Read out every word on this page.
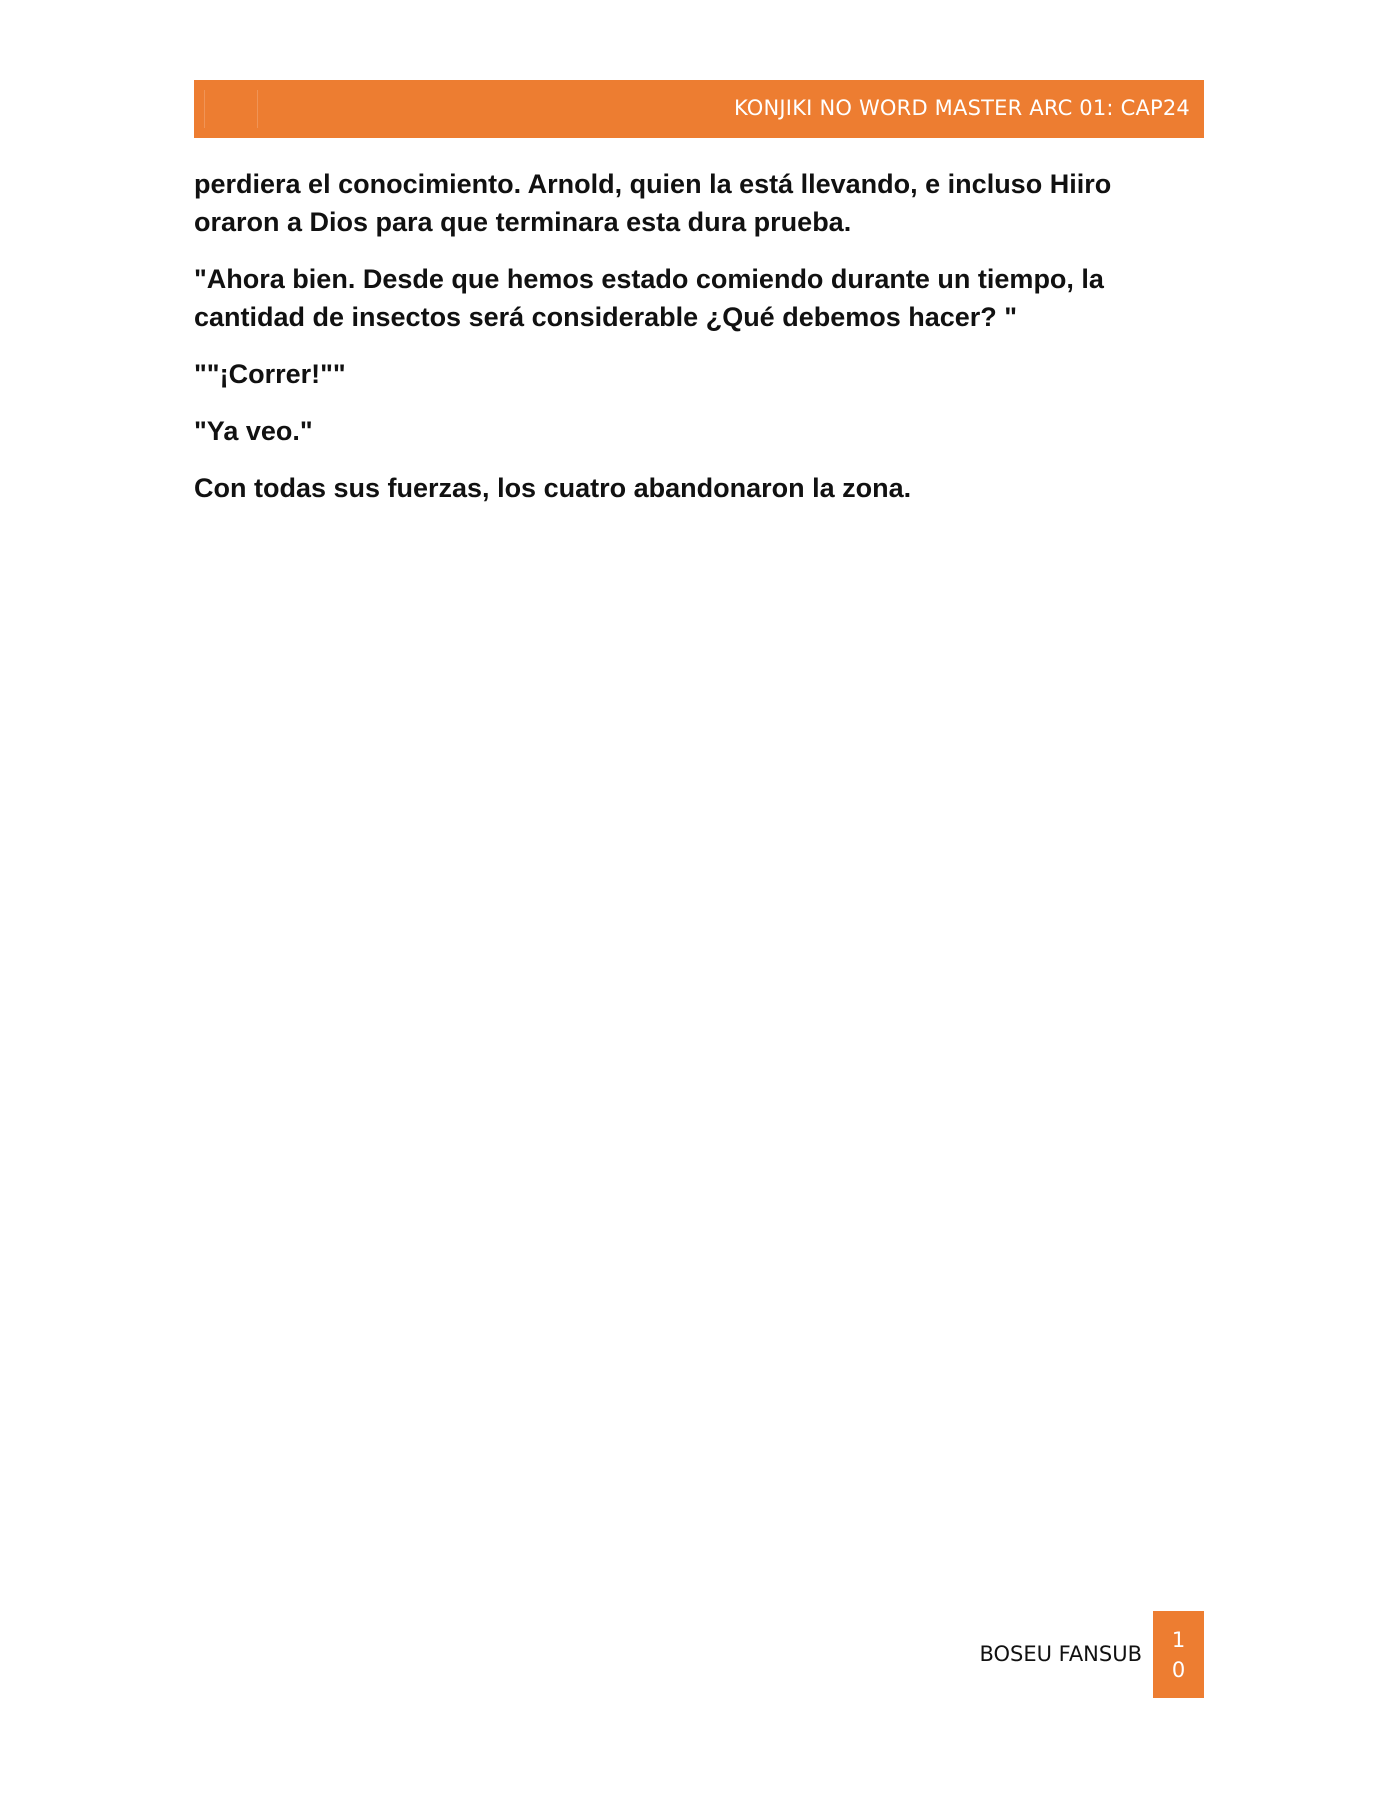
KONJIKI NO WORD MASTER ARC 01: CAP24

perdiera el conocimiento. Arnold, quien la está llevando, e incluso Hiiro oraron a Dios para que terminara esta dura prueba.

"Ahora bien. Desde que hemos estado comiendo durante un tiempo, la cantidad de insectos será considerable ¿Qué debemos hacer? "

""¡Correr!""

"Ya veo."

Con todas sus fuerzas, los cuatro abandonaron la zona.

BOSEU FANSUB
1
0
